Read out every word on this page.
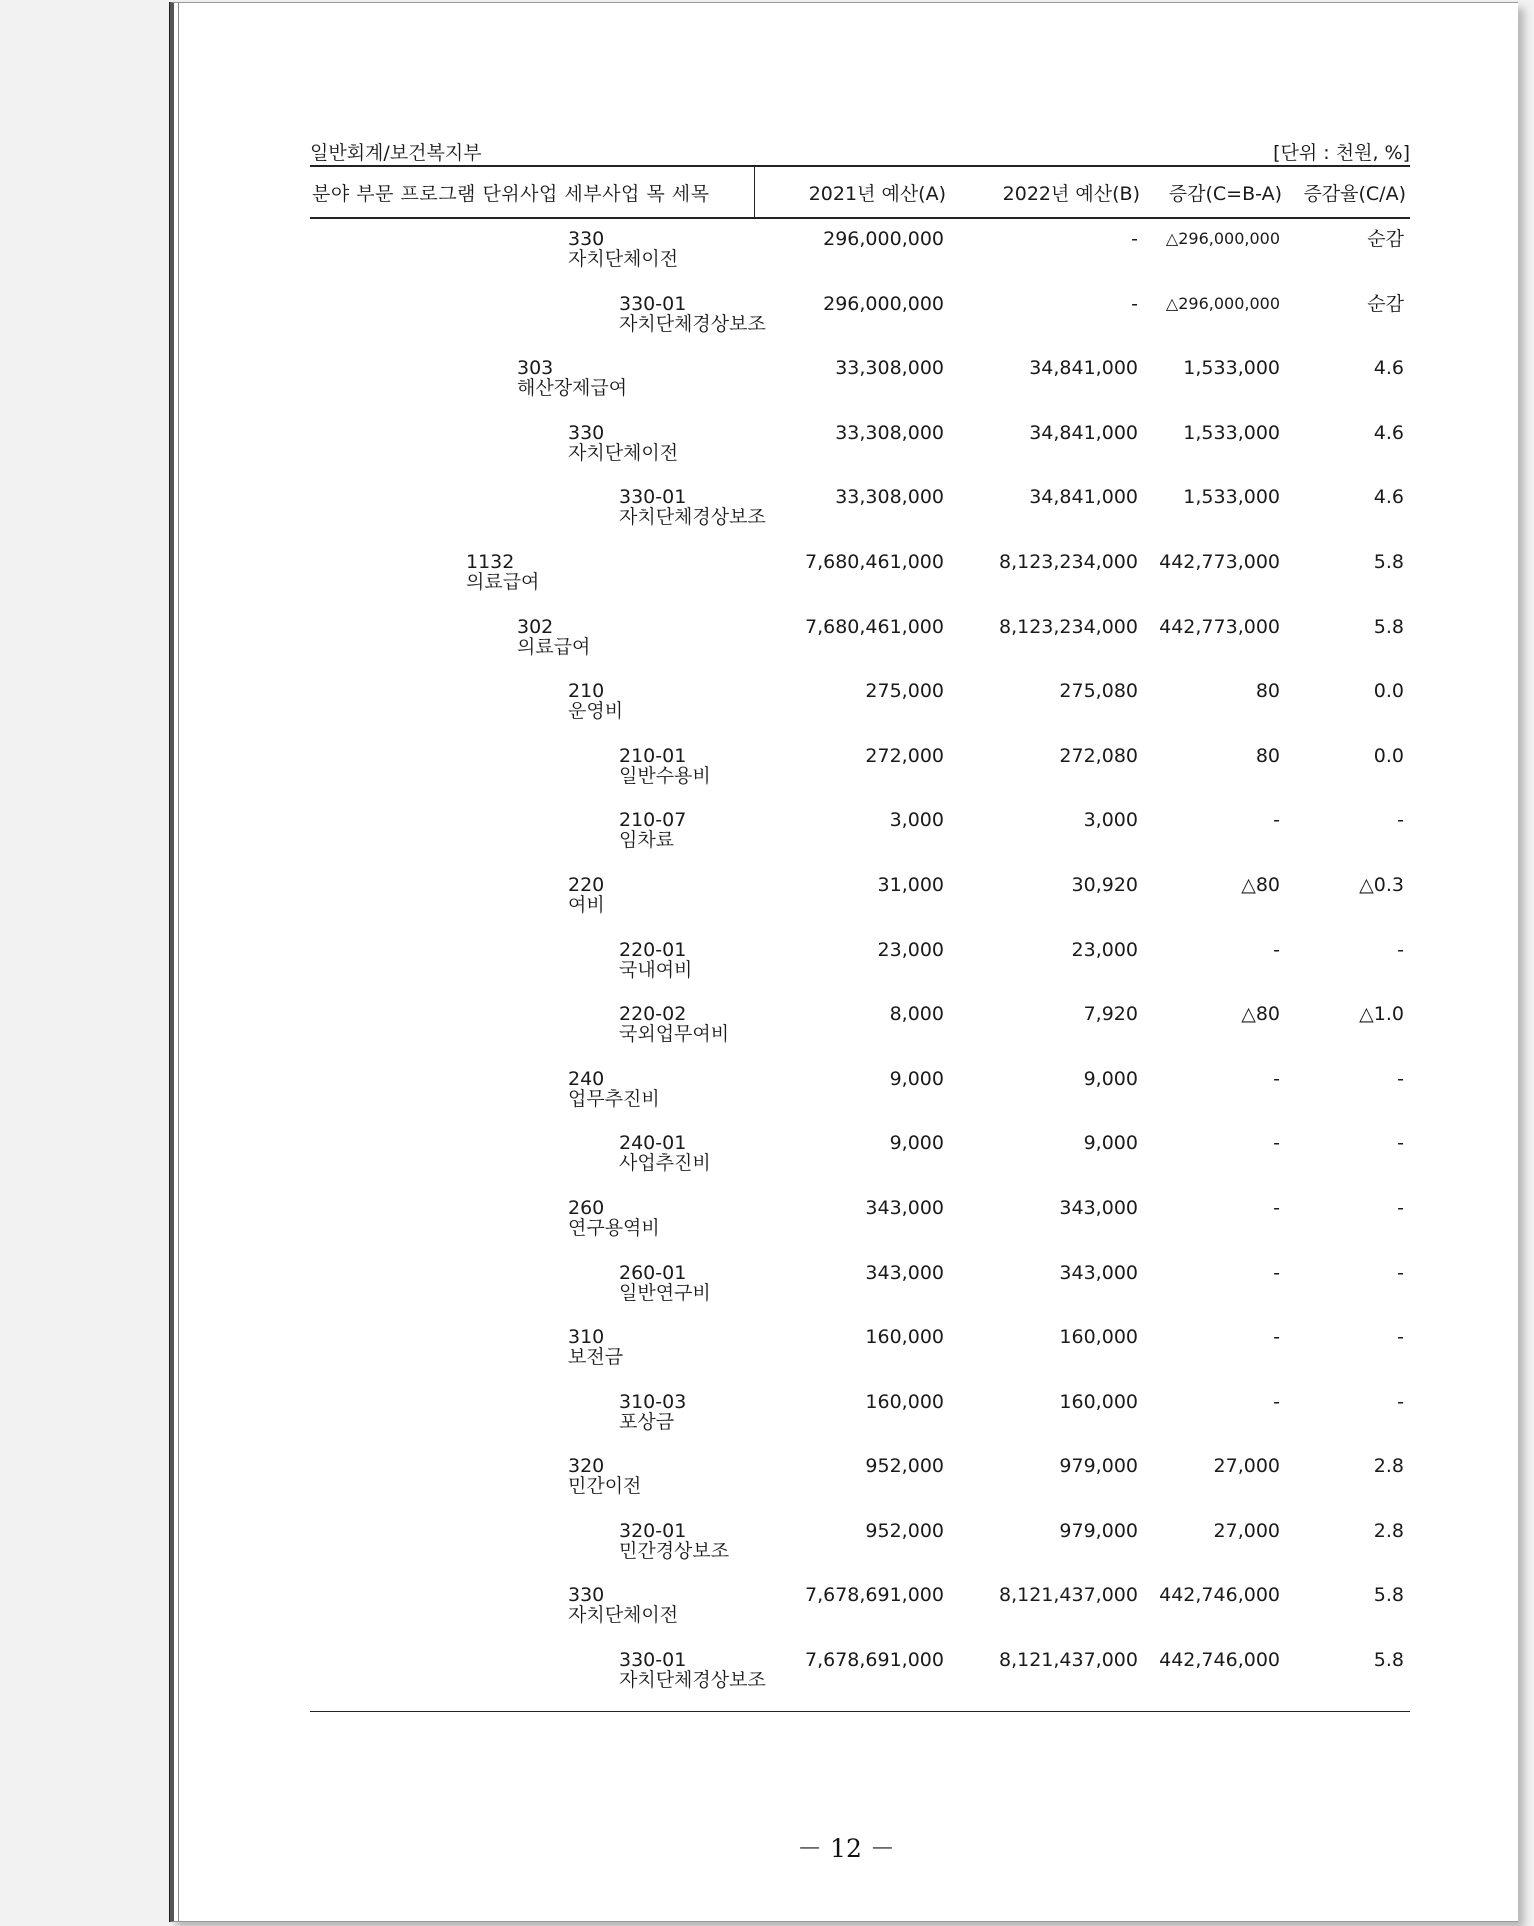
일반회계/보건복지부	[단위 : 천원, %]
분야 부문 프로그램 단위사업 세부사업 목 세목	2021년 예산(A)	2022년 예산(B)	증감(C=B-A)	증감율(C/A)
330
자치단체이전
296,000,000	-	△296,000,000	순감
330-01
자치단체경상보조
296,000,000	-	△296,000,000	순감
303
해산장제급여
33,308,000	34,841,000	1,533,000	4.6
330
자치단체이전
33,308,000	34,841,000	1,533,000	4.6
330-01
자치단체경상보조
33,308,000	34,841,000	1,533,000	4.6
1132
의료급여
7,680,461,000	8,123,234,000	442,773,000	5.8
302
의료급여
7,680,461,000	8,123,234,000	442,773,000	5.8
210
운영비
275,000	275,080	80	0.0
210-01
일반수용비
272,000	272,080	80	0.0
210-07
임차료
3,000	3,000	-	-
220
여비
31,000	30,920	△80	△0.3
220-01
국내여비
23,000	23,000	-	-
220-02
국외업무여비
8,000	7,920	△80	△1.0
240
업무추진비
9,000	9,000	-	-
240-01
사업추진비
9,000	9,000	-	-
260
연구용역비
343,000	343,000	-	-
260-01
일반연구비
343,000	343,000	-	-
310
보전금
160,000	160,000	-	-
310-03
포상금
160,000	160,000	-	-
320
민간이전
952,000	979,000	27,000	2.8
320-01
민간경상보조
952,000	979,000	27,000	2.8
330
자치단체이전
7,678,691,000	8,121,437,000	442,746,000	5.8
330-01
자치단체경상보조
7,678,691,000	8,121,437,000	442,746,000	5.8
－ 12 －
